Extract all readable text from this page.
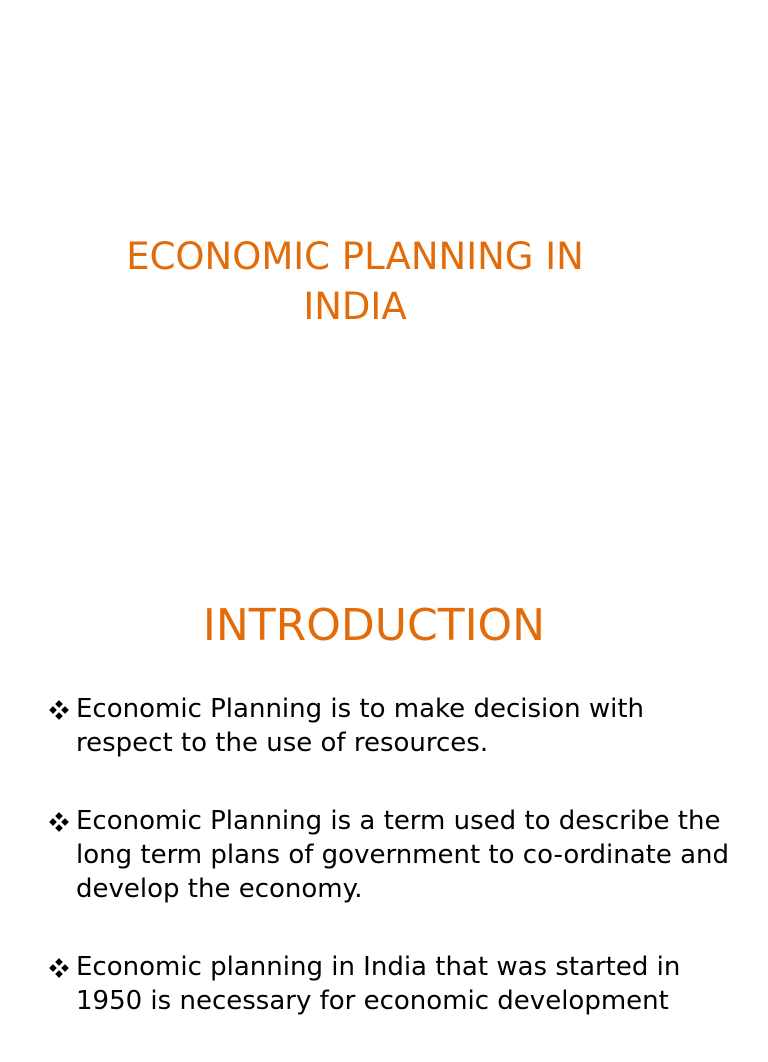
ECONOMIC PLANNING IN
INDIA
INTRODUCTION
Economic Planning is to make decision with respect to the use of resources.
Economic Planning is a term used to describe the long term plans of government to co-ordinate and develop the economy.
Economic planning in India that was started in 1950 is necessary for economic development
